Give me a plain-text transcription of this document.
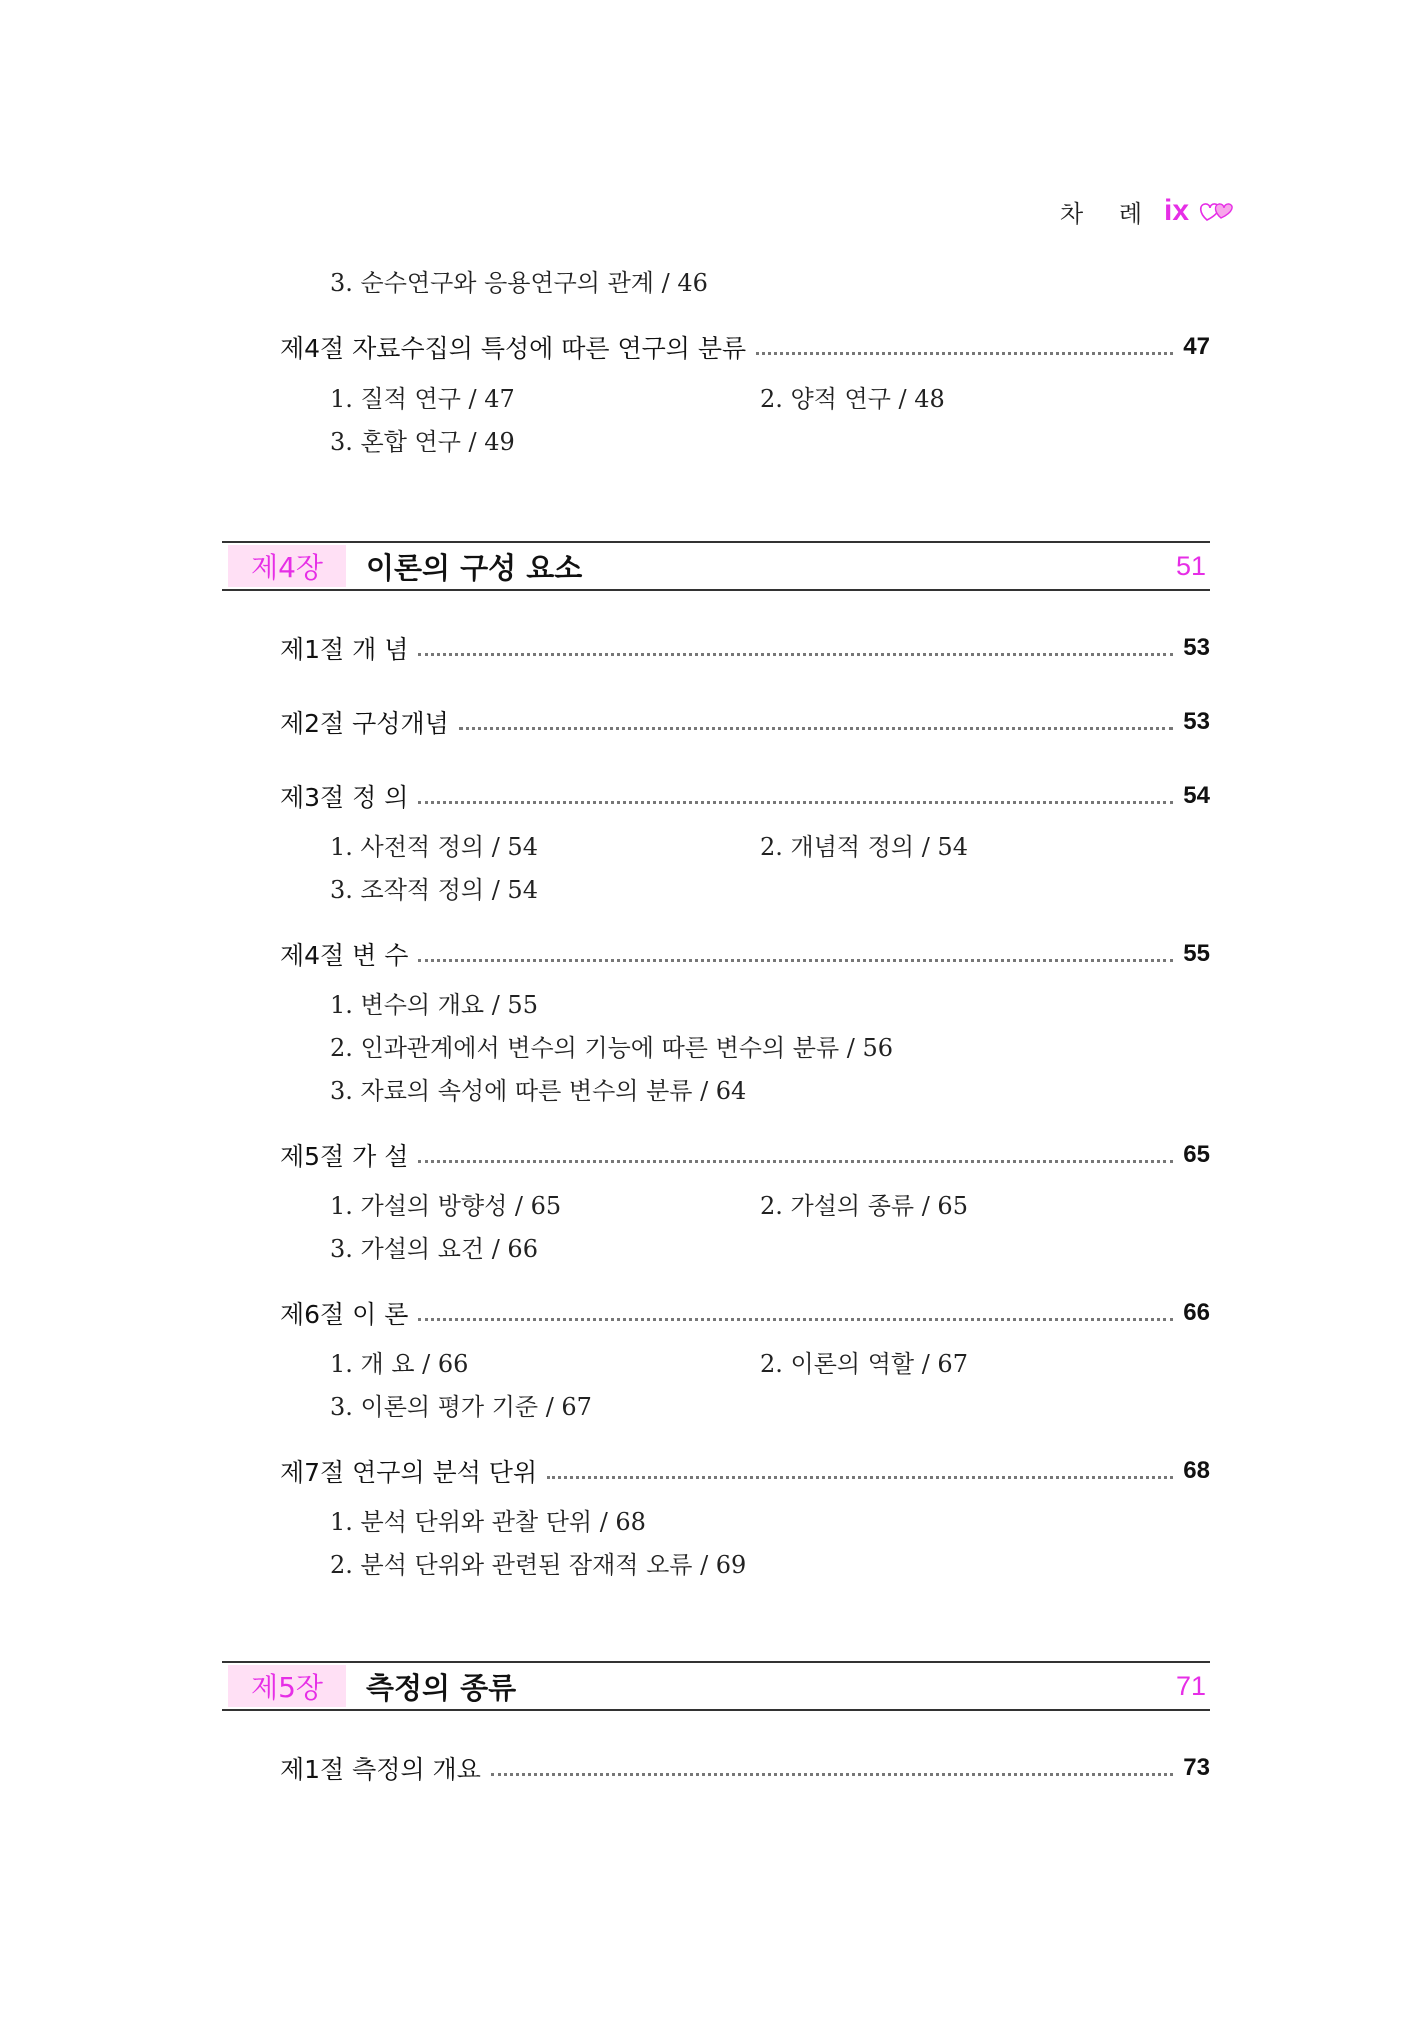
차 례 ix
3. 순수연구와 응용연구의 관계 / 46
제4절 자료수집의 특성에 따른 연구의 분류	47
1. 질적 연구 / 47	2. 양적 연구 / 48
3. 혼합 연구 / 49
제4장	이론의 구성 요소	51
제1절 개 념	53
제2절 구성개념	53
제3절 정 의	54
1. 사전적 정의 / 54	2. 개념적 정의 / 54
3. 조작적 정의 / 54
제4절 변 수	55
1. 변수의 개요 / 55
2. 인과관계에서 변수의 기능에 따른 변수의 분류 / 56
3. 자료의 속성에 따른 변수의 분류 / 64
제5절 가 설	65
1. 가설의 방향성 / 65	2. 가설의 종류 / 65
3. 가설의 요건 / 66
제6절 이 론	66
1. 개 요 / 66	2. 이론의 역할 / 67
3. 이론의 평가 기준 / 67
제7절 연구의 분석 단위	68
1. 분석 단위와 관찰 단위 / 68
2. 분석 단위와 관련된 잠재적 오류 / 69
제5장	측정의 종류	71
제1절 측정의 개요	73
